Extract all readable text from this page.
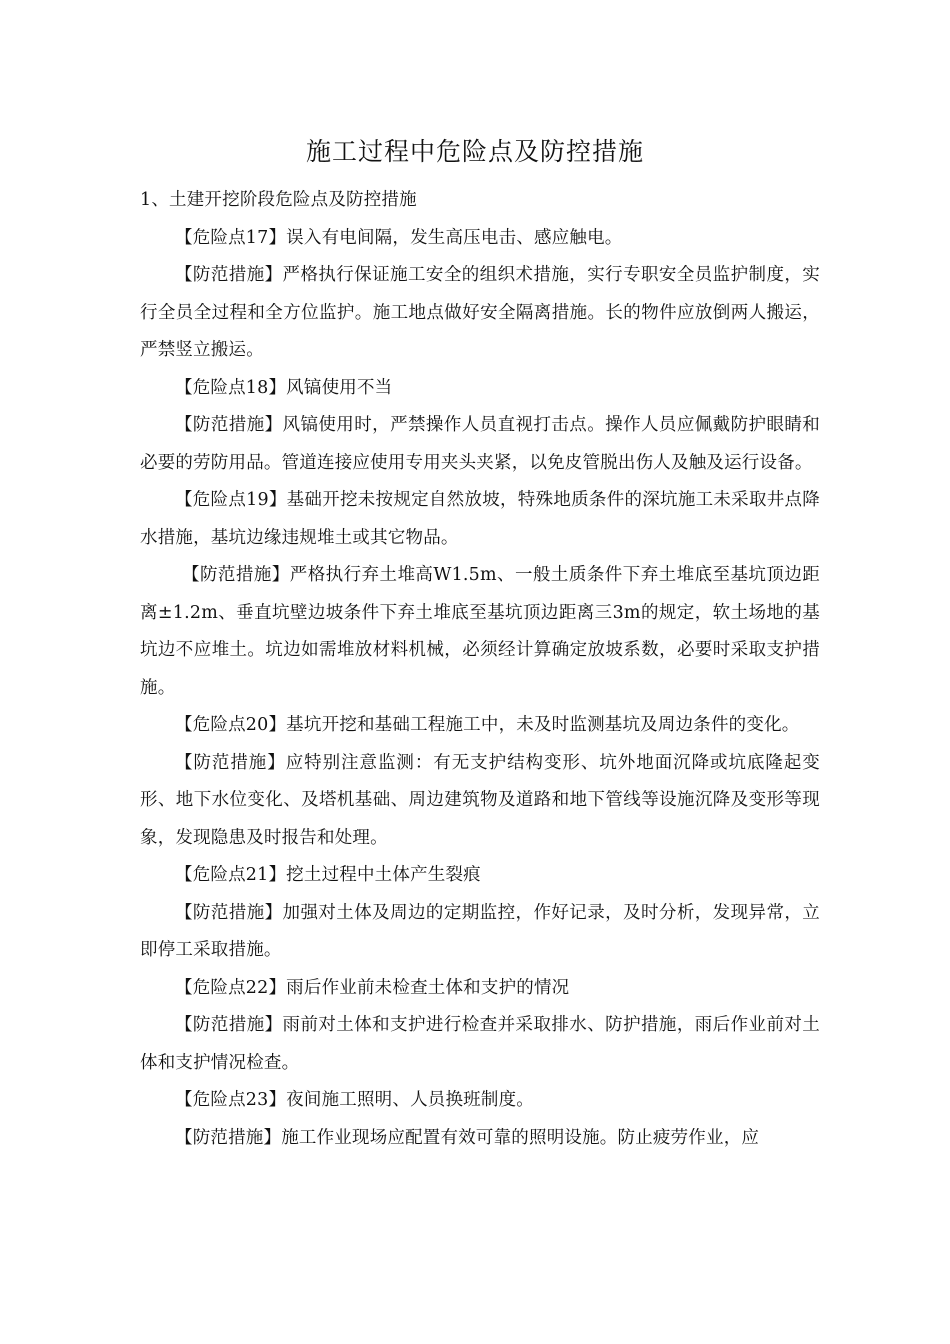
施工过程中危险点及防控措施

1、土建开挖阶段危险点及防控措施

【危险点17】误入有电间隔，发生高压电击、感应触电。

【防范措施】严格执行保证施工安全的组织术措施，实行专职安全员监护制度，实行全员全过程和全方位监护。施工地点做好安全隔离措施。长的物件应放倒两人搬运，严禁竖立搬运。

【危险点18】风镐使用不当

【防范措施】风镐使用时，严禁操作人员直视打击点。操作人员应佩戴防护眼睛和必要的劳防用品。管道连接应使用专用夹头夹紧，以免皮管脱出伤人及触及运行设备。

【危险点19】基础开挖未按规定自然放坡，特殊地质条件的深坑施工未采取井点降水措施，基坑边缘违规堆土或其它物品。

【防范措施】严格执行弃土堆高W1.5m、一般土质条件下弃土堆底至基坑顶边距离±1.2m、垂直坑壁边坡条件下弃土堆底至基坑顶边距离三3m的规定，软土场地的基坑边不应堆土。坑边如需堆放材料机械，必须经计算确定放坡系数，必要时采取支护措施。

【危险点20】基坑开挖和基础工程施工中，未及时监测基坑及周边条件的变化。

【防范措施】应特别注意监测：有无支护结构变形、坑外地面沉降或坑底隆起变形、地下水位变化、及塔机基础、周边建筑物及道路和地下管线等设施沉降及变形等现象，发现隐患及时报告和处理。

【危险点21】挖土过程中土体产生裂痕

【防范措施】加强对土体及周边的定期监控，作好记录，及时分析，发现异常，立即停工采取措施。

【危险点22】雨后作业前未检查土体和支护的情况

【防范措施】雨前对土体和支护进行检查并采取排水、防护措施，雨后作业前对土体和支护情况检查。

【危险点23】夜间施工照明、人员换班制度。

【防范措施】施工作业现场应配置有效可靠的照明设施。防止疲劳作业，应
